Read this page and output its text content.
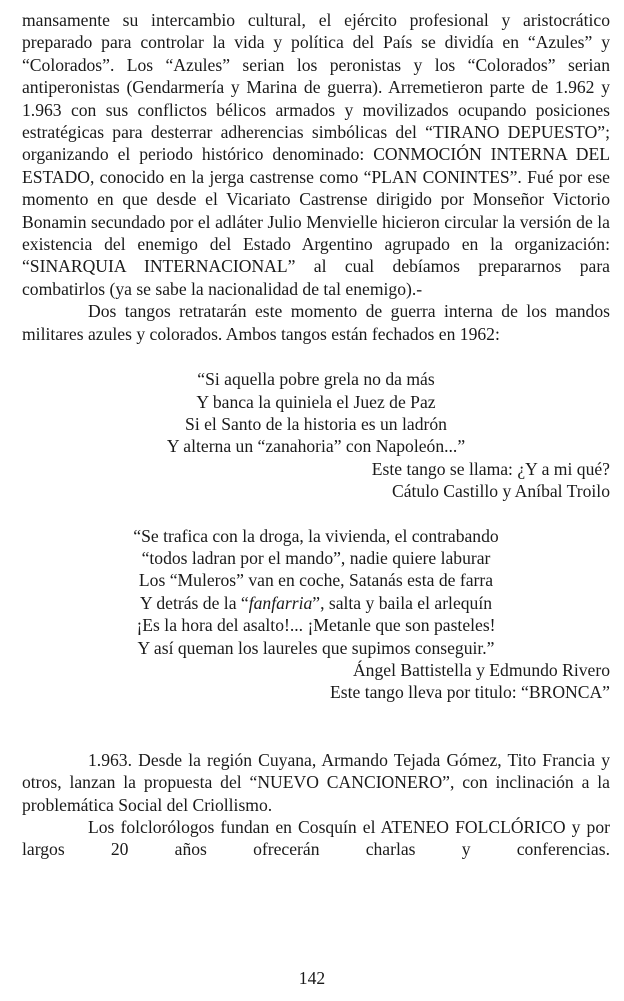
mansamente su intercambio cultural, el ejército profesional y aristocrático preparado para controlar la vida y política del País se dividía en “Azules” y “Colorados”. Los “Azules” serian los peronistas y los “Colorados” serian antiperonistas (Gendarmería y Marina de guerra). Arremetieron parte de 1.962 y 1.963 con sus conflictos bélicos armados y movilizados ocupando posiciones estratégicas para desterrar adherencias simbólicas del “TIRANO DEPUESTO”; organizando el periodo histórico denominado: CONMOCIÓN INTERNA DEL ESTADO, conocido en la jerga castrense como “PLAN CONINTES”. Fué por ese momento en que desde el Vicariato Castrense dirigido por Monseñor Victorio Bonamin secundado por el adláter Julio Menvielle hicieron circular la versión de la existencia del enemigo del Estado Argentino agrupado en la organización: “SINARQUIA INTERNACIONAL” al cual debíamos prepararnos para combatirlos (ya se sabe la nacionalidad de tal enemigo).-

Dos tangos retratarán este momento de guerra interna de los mandos militares azules y colorados. Ambos tangos están fechados en 1962:

“Si aquella pobre grela no da más
Y banca la quiniela el Juez de Paz
Si el Santo de la historia es un ladrón
Y alterna un “zanahoria” con Napoleón...”
Este tango se llama: ¿Y a mi qué?
Cátulo Castillo y Aníbal Troilo
“Se trafica con la droga, la vivienda, el contrabando
“todos ladran por el mando”, nadie quiere laburar
Los “Muleros” van en coche, Satanás esta de farra
Y detrás de la “fanfarria”, salta y baila el arlequín
¡Es la hora del asalto!... ¡Metanle que son pasteles!
Y así queman los laureles que supimos conseguir.”
Ángel Battistella y Edmundo Rivero
Este tango lleva por titulo: “BRONCA”

1.963. Desde la región Cuyana, Armando Tejada Gómez, Tito Francia y otros, lanzan la propuesta del “NUEVO CANCIONERO”, con inclinación a la problemática Social del Criollismo.

Los folclorólogos fundan en Cosquín el ATENEO FOLCLÓRICO y por largos 20 años ofrecerán charlas y conferencias.

142
